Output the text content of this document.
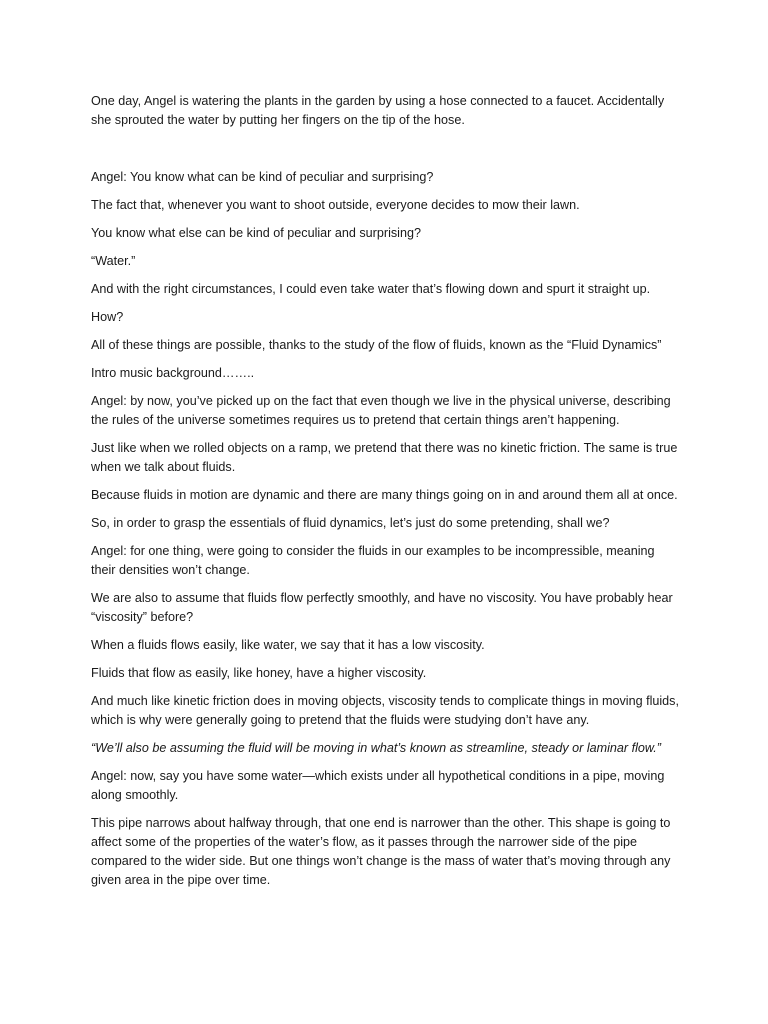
One day, Angel is watering the plants in the garden by using a hose connected to a faucet. Accidentally she sprouted the water by putting her fingers on the tip of the hose.

Angel: You know what can be kind of peculiar and surprising?

The fact that, whenever you want to shoot outside, everyone decides to mow their lawn.

You know what else can be kind of peculiar and surprising?

“Water.”

And with the right circumstances, I could even take water that’s flowing down and spurt it straight up.

How?

All of these things are possible, thanks to the study of the flow of fluids, known as the “Fluid Dynamics”

Intro music background……..

Angel: by now, you’ve picked up on the fact that even though we live in the physical universe, describing the rules of the universe sometimes requires us to pretend that certain things aren’t happening.

Just like when we rolled objects on a ramp, we pretend that there was no kinetic friction. The same is true when we talk about fluids.

Because fluids in motion are dynamic and there are many things going on in and around them all at once.

So, in order to grasp the essentials of fluid dynamics, let’s just do some pretending, shall we?

Angel: for one thing, were going to consider the fluids in our examples to be incompressible, meaning their densities won’t change.

We are also to assume that fluids flow perfectly smoothly, and have no viscosity. You have probably hear “viscosity” before?

When a fluids flows easily, like water, we say that it has a low viscosity.

Fluids that flow as easily, like honey, have a higher viscosity.

And much like kinetic friction does in moving objects, viscosity tends to complicate things in moving fluids, which is why were generally going to pretend that the fluids were studying don’t have any.

“We’ll also be assuming the fluid will be moving in what’s known as streamline, steady or laminar flow.”

Angel: now, say you have some water—which exists under all hypothetical conditions in a pipe, moving along smoothly.

This pipe narrows about halfway through, that one end is narrower than the other. This shape is going to affect some of the properties of the water’s flow, as it passes through the narrower side of the pipe compared to the wider side. But one things won’t change is the mass of water that’s moving through any given area in the pipe over time.
